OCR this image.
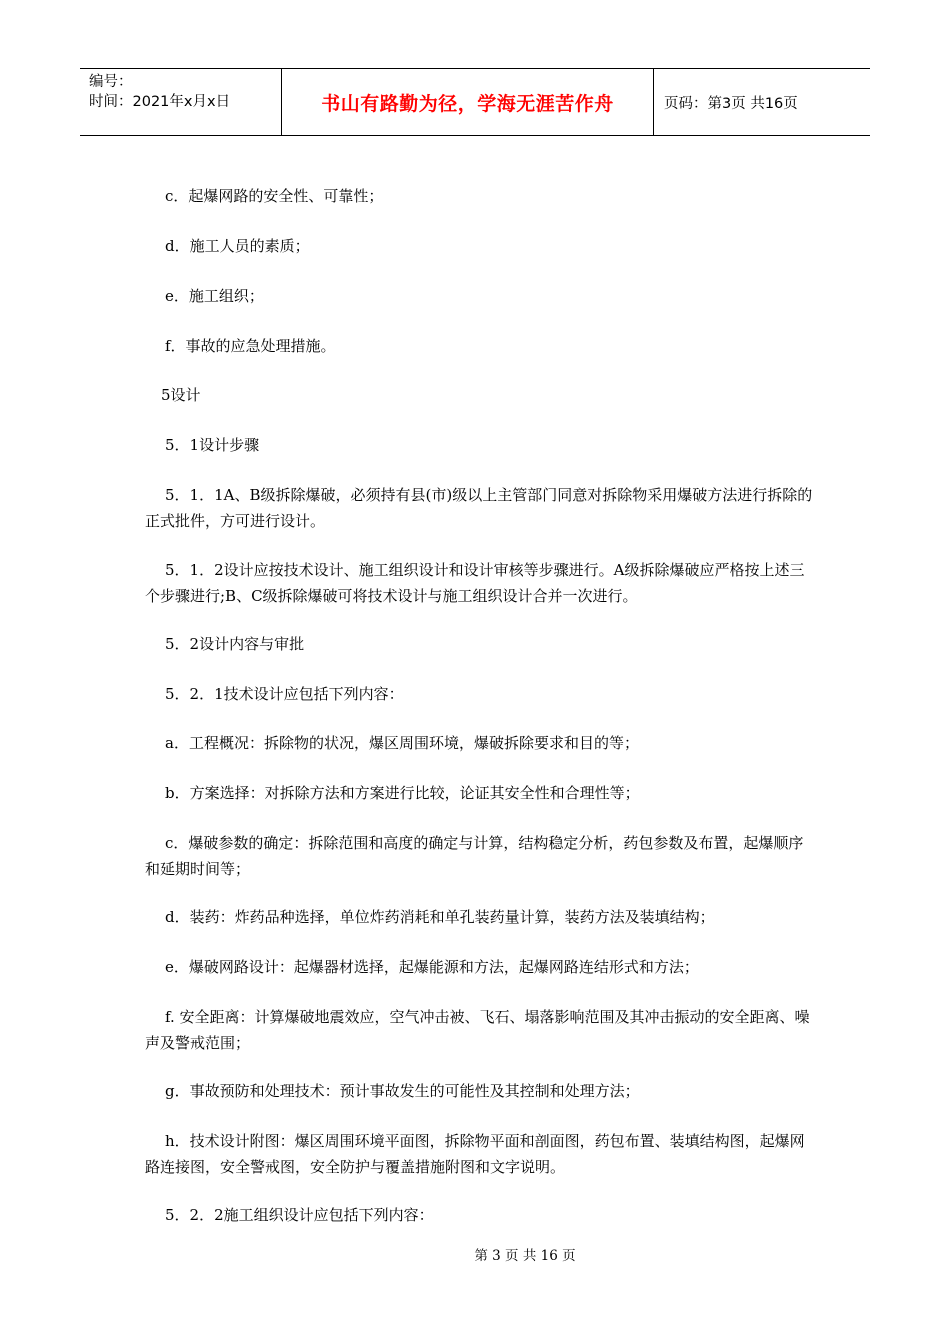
编号：
时间：2021年x月x日	书山有路勤为径，学海无涯苦作舟	页码：第3页 共16页
c．起爆网路的安全性、可靠性；
d．施工人员的素质；
e．施工组织；
f．事故的应急处理措施。
5设计
5．1设计步骤
5．1．1A、B级拆除爆破，必须持有县(市)级以上主管部门同意对拆除物采用爆破方法进行拆除的正式批件，方可进行设计。
5．1．2设计应按技术设计、施工组织设计和设计审核等步骤进行。A级拆除爆破应严格按上述三个步骤进行;B、C级拆除爆破可将技术设计与施工组织设计合并一次进行。
5．2设计内容与审批
5．2．1技术设计应包括下列内容：
a．工程概况：拆除物的状况，爆区周围环境，爆破拆除要求和目的等；
b．方案选择：对拆除方法和方案进行比较，论证其安全性和合理性等；
c．爆破参数的确定：拆除范围和高度的确定与计算，结构稳定分析，药包参数及布置，起爆顺序和延期时间等；
d．装药：炸药品种选择，单位炸药消耗和单孔装药量计算，装药方法及装填结构；
e．爆破网路设计：起爆器材选择，起爆能源和方法，起爆网路连结形式和方法；
f. 安全距离：计算爆破地震效应，空气冲击被、飞石、塌落影响范围及其冲击振动的安全距离、噪声及警戒范围；
g．事故预防和处理技术：预计事故发生的可能性及其控制和处理方法；
h．技术设计附图：爆区周围环境平面图，拆除物平面和剖面图，药包布置、装填结构图，起爆网路连接图，安全警戒图，安全防护与覆盖措施附图和文字说明。
5．2．2施工组织设计应包括下列内容：
第 3 页 共 16 页
